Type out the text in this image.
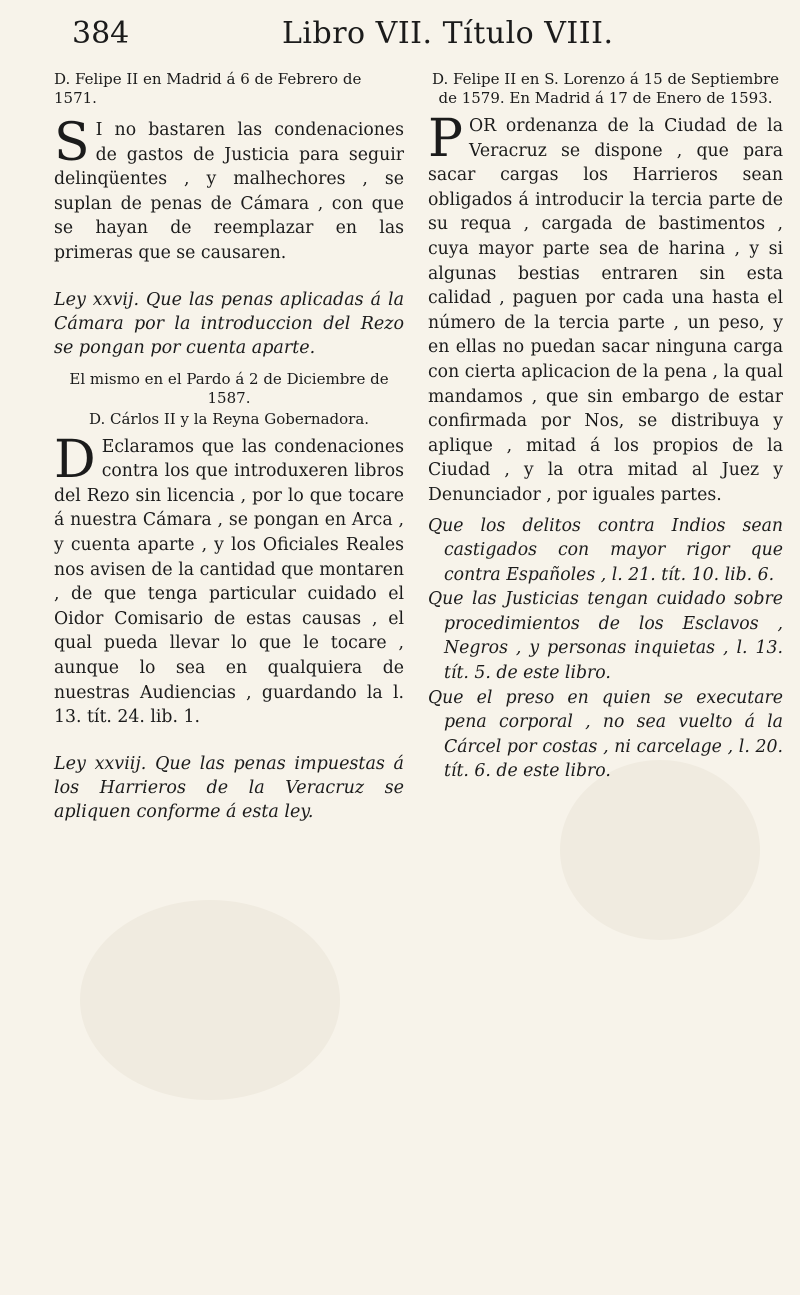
384	Libro VII. Título VIII.
D. Felipe II en Madrid á 6 de Febrero de 1571.

S I no bastaren las condenaciones de gastos de Justicia para seguir delinqüentes , y malhechores , se suplan de penas de Cámara , con que se hayan de reemplazar en las primeras que se causaren.

Ley xxvij. Que las penas aplicadas á la Cámara por la introduccion del Rezo se pongan por cuenta aparte.
El mismo en el Pardo á 2 de Diciembre de 1587.
D. Cárlos II y la Reyna Gobernadora.

D Eclaramos que las condenaciones contra los que introduxeren libros del Rezo sin licencia , por lo que tocare á nuestra Cámara , se pongan en Arca , y cuenta aparte , y los Oficiales Reales nos avisen de la cantidad que montaren , de que tenga particular cuidado el Oidor Comisario de estas causas , el qual pueda llevar lo que le tocare , aunque lo sea en qualquiera de nuestras Audiencias , guardando la l. 13. tít. 24. lib. 1.

Ley xxviij. Que las penas impuestas á los Harrieros de la Veracruz se apliquen conforme á esta ley.
D. Felipe II en S. Lorenzo á 15 de Septiembre de 1579. En Madrid á 17 de Enero de 1593.

POR ordenanza de la Ciudad de la Veracruz se dispone , que para sacar cargas los Harrieros sean obligados á introducir la tercia parte de su requa , cargada de bastimentos , cuya mayor parte sea de harina , y si algunas bestias entraren sin esta calidad , paguen por cada una hasta el número de la tercia parte , un peso, y en ellas no puedan sacar ninguna carga con cierta aplicacion de la pena , la qual mandamos , que sin embargo de estar confirmada por Nos, se distribuya y aplique , mitad á los propios de la Ciudad , y la otra mitad al Juez y Denunciador , por iguales partes.

Que los delitos contra Indios sean castigados con mayor rigor que contra Españoles , l. 21. tít. 10. lib. 6.

Que las Justicias tengan cuidado sobre procedimientos de los Esclavos , Negros , y personas inquietas , l. 13. tít. 5. de este libro.

Que el preso en quien se executare pena corporal , no sea vuelto á la Cárcel por costas , ni carcelage , l. 20. tít. 6. de este libro.
